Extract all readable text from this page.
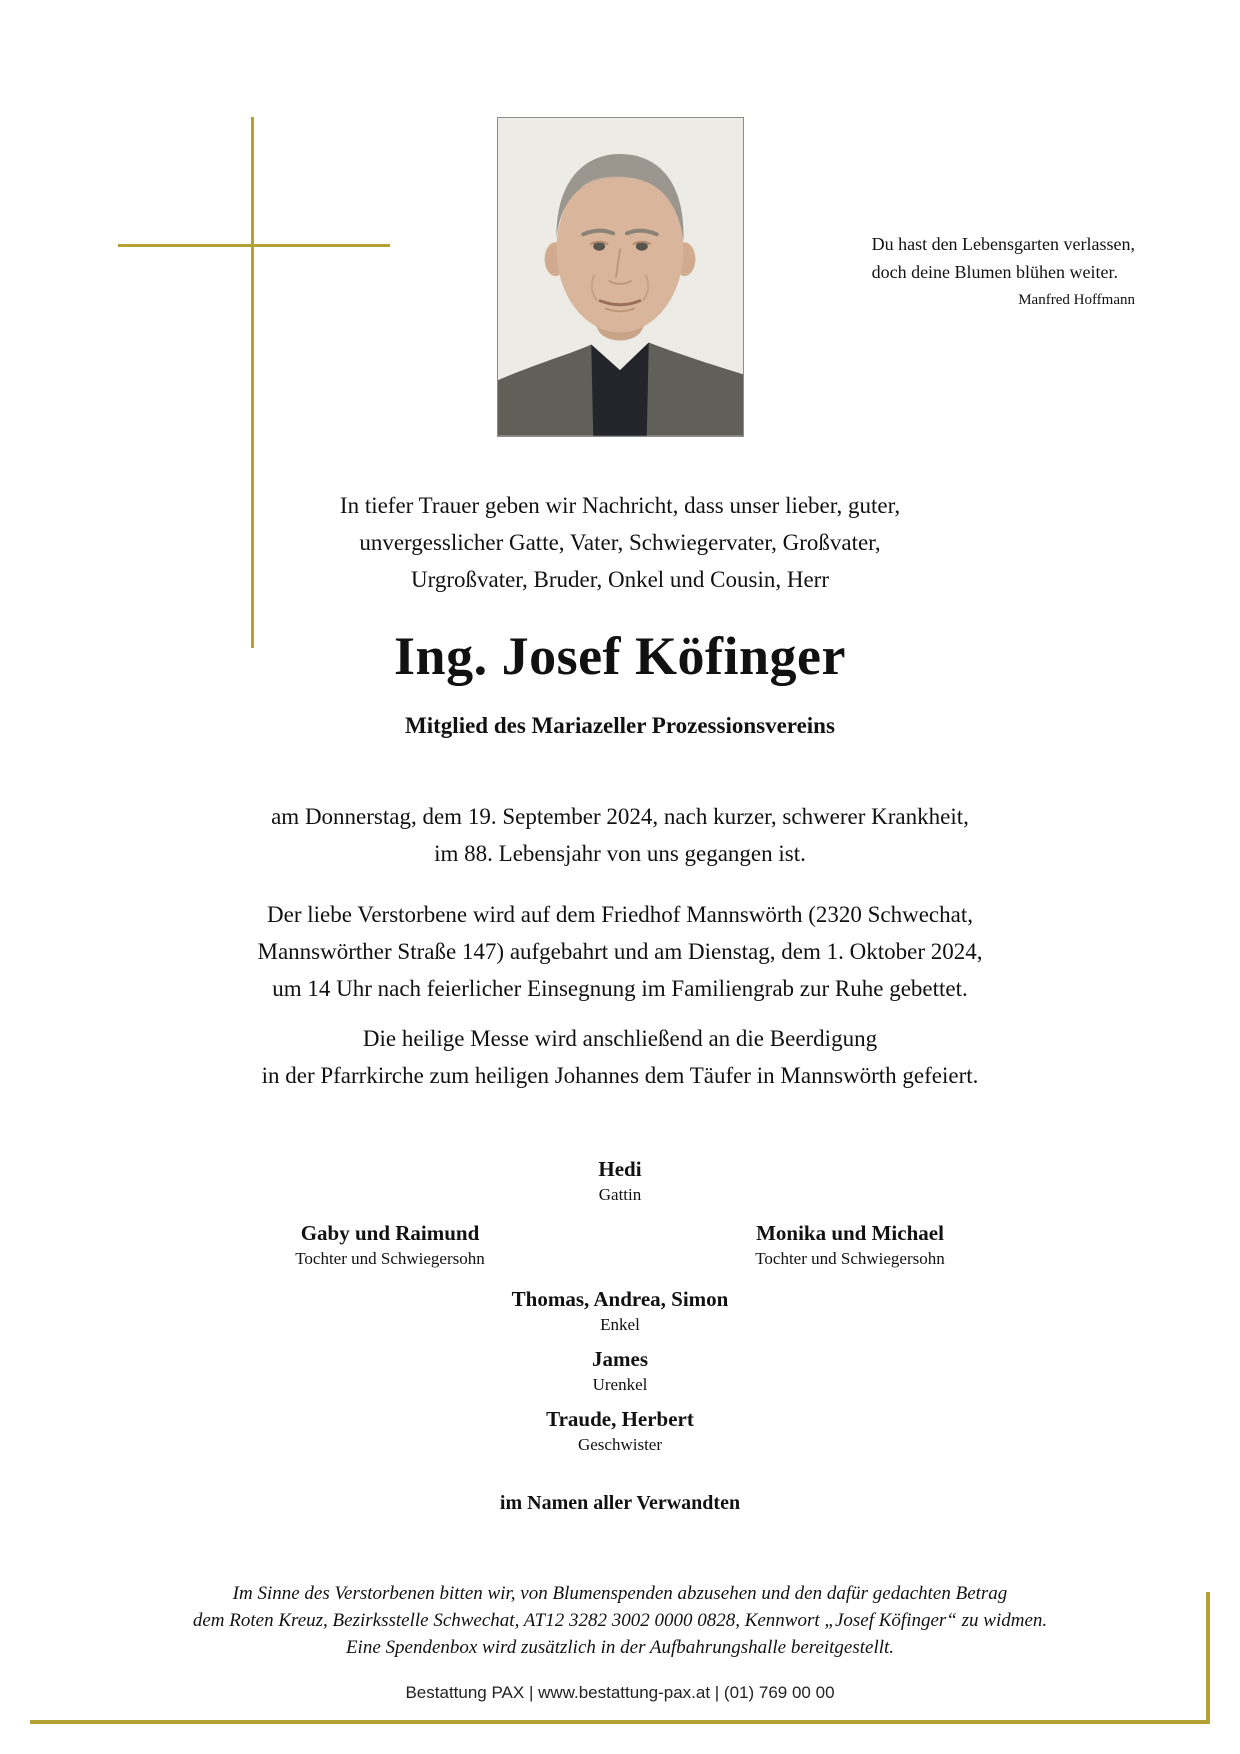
Du hast den Lebensgarten verlassen,
doch deine Blumen blühen weiter.
Manfred Hoffmann
In tiefer Trauer geben wir Nachricht, dass unser lieber, guter,
unvergesslicher Gatte, Vater, Schwiegervater, Großvater,
Urgroßvater, Bruder, Onkel und Cousin, Herr
Ing. Josef Köfinger
Mitglied des Mariazeller Prozessionsvereins
am Donnerstag, dem 19. September 2024, nach kurzer, schwerer Krankheit,
im 88. Lebensjahr von uns gegangen ist.
Der liebe Verstorbene wird auf dem Friedhof Mannswörth (2320 Schwechat,
Mannswörther Straße 147) aufgebahrt und am Dienstag, dem 1. Oktober 2024,
um 14 Uhr nach feierlicher Einsegnung im Familiengrab zur Ruhe gebettet.
Die heilige Messe wird anschließend an die Beerdigung
in der Pfarrkirche zum heiligen Johannes dem Täufer in Mannswörth gefeiert.
Hedi
Gattin
Gaby und Raimund
Tochter und Schwiegersohn
Monika und Michael
Tochter und Schwiegersohn
Thomas, Andrea, Simon
Enkel
James
Urenkel
Traude, Herbert
Geschwister
im Namen aller Verwandten
Im Sinne des Verstorbenen bitten wir, von Blumenspenden abzusehen und den dafür gedachten Betrag
dem Roten Kreuz, Bezirksstelle Schwechat, AT12 3282 3002 0000 0828, Kennwort „Josef Köfinger“ zu widmen.
Eine Spendenbox wird zusätzlich in der Aufbahrungshalle bereitgestellt.
Bestattung PAX | www.bestattung-pax.at | (01) 769 00 00
